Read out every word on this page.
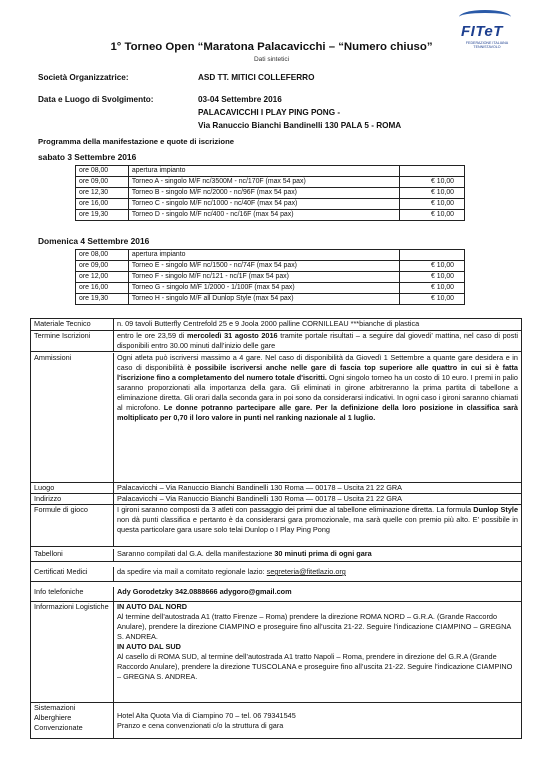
FITeT
FEDERAZIONE ITALIANA TENNISTAVOLO
1° Torneo Open “Maratona Palacavicchi – “Numero chiuso”
Dati sintetici
Società Organizzatrice:	ASD TT. MITICI COLLEFERRO
Data e Luogo di Svolgimento:	03-04 Settembre 2016
PALACAVICCHI I PLAY PING PONG -
Via Ranuccio Bianchi Bandinelli 130 PALA 5 - ROMA
Programma della manifestazione e quote di iscrizione
sabato 3 Settembre 2016
ore 08,00	apertura impianto	
ore 09,00	Torneo A - singolo M/F nc/3500M - nc/170F (max 54 pax)	€ 10,00
ore 12,30	Torneo B - singolo M/F nc/2000 - nc/96F (max 54 pax)	€ 10,00
ore 16,00	Torneo C - singolo M/F nc/1000 - nc/40F (max 54 pax)	€ 10,00
ore 19,30	Torneo D - singolo M/F nc/400 - nc/16F (max 54 pax)	€ 10,00
Domenica 4 Settembre 2016
ore 08,00	apertura impianto	
ore 09,00	Torneo E - singolo M/F nc/1500 - nc/74F (max 54 pax)	€ 10,00
ore 12,00	Torneo F - singolo M/F nc/121 - nc/1F (max 54 pax)	€ 10,00
ore 16,00	Torneo G - singolo M/F 1/2000 - 1/100F (max 54 pax)	€ 10,00
ore 19,30	Torneo H - singolo M/F all Dunlop Style (max 54 pax)	€ 10,00
Materiale Tecnico	n. 09 tavoli Butterfly Centrefold 25 e 9 Joola 2000 palline CORNILLEAU ***bianche di plastica
Termine Iscrizioni	entro le ore 23,59 di mercoledì 31 agosto 2016 tramite portale risultati – a seguire dal giovedi’ mattina, nel caso di posti disponibili entro 30.00 minuti dall’inizio delle gare
Ammissioni	Ogni atleta può iscriversi massimo a 4 gare. Nel caso di disponibilità da Giovedì 1 Settembre a quante gare desidera e in caso di disponibilità è possibile iscriversi anche nelle gare di fascia top superiore alle quattro in cui si è fatta l'iscrizione fino a completamento del numero totale d'iscritti. Ogni singolo torneo ha un costo di 10 euro. I premi in palio saranno proporzionati alla importanza della gara. Gli eliminati in girone arbitreranno la prima partita di tabellone a eliminazione diretta. Gli orari dalla seconda gara in poi sono da considerarsi indicativi. In ogni caso i gironi saranno chiamati al microfono. Le donne potranno partecipare alle gare. Per la definizione della loro posizione in classifica sarà moltiplicato per 0,70 il loro valore in punti nel ranking nazionale al 1 luglio.
Luogo	Palacavicchi – Via Ranuccio Bianchi Bandinelli 130 Roma — 00178 – Uscita 21 22 GRA
Indirizzo	Palacavicchi – Via Ranuccio Bianchi Bandinelli 130 Roma — 00178 – Uscita 21 22 GRA
Formule di gioco	I gironi saranno composti da 3 atleti con passaggio dei primi due al tabellone eliminazione diretta. La formula Dunlop Style non dà punti classifica e pertanto è da considerarsi gara promozionale, ma sarà quelle con premio più alto. E’ possibile in questa particolare gara usare solo telai Dunlop o I Play Ping Pong
Tabelloni	Saranno compilati dal G.A. della manifestazione 30 minuti prima di ogni gara
Certificati Medici	da spedire via mail a comitato regionale lazio: segreteria@fitetlazio.org
Info telefoniche	Ady Gorodetzky 342.0888666 adygoro@gmail.com
Informazioni Logistiche	IN AUTO DAL NORD
Al termine dell’autostrada A1 (tratto Firenze – Roma) prendere la direzione ROMA NORD – G.R.A. (Grande Raccordo Anulare), prendere la direzione CIAMPINO e proseguire fino all’uscita 21-22. Seguire l’indicazione CIAMPINO – GREGNA S. ANDREA.
IN AUTO DAL SUD
Al casello di ROMA SUD, al termine dell’autostrada A1 tratto Napoli – Roma, prendere in direzione del G.R.A (Grande Raccordo Anulare), prendere la direzione TUSCOLANA e proseguire fino all’uscita 21-22. Seguire l’indicazione CIAMPINO – GREGNA S. ANDREA.
Sistemazioni Alberghiere Convenzionate
Hotel Alta Quota Via di Ciampino 70 – tel. 06 79341545
Pranzo e cena convenzionati c/o la struttura di gara
